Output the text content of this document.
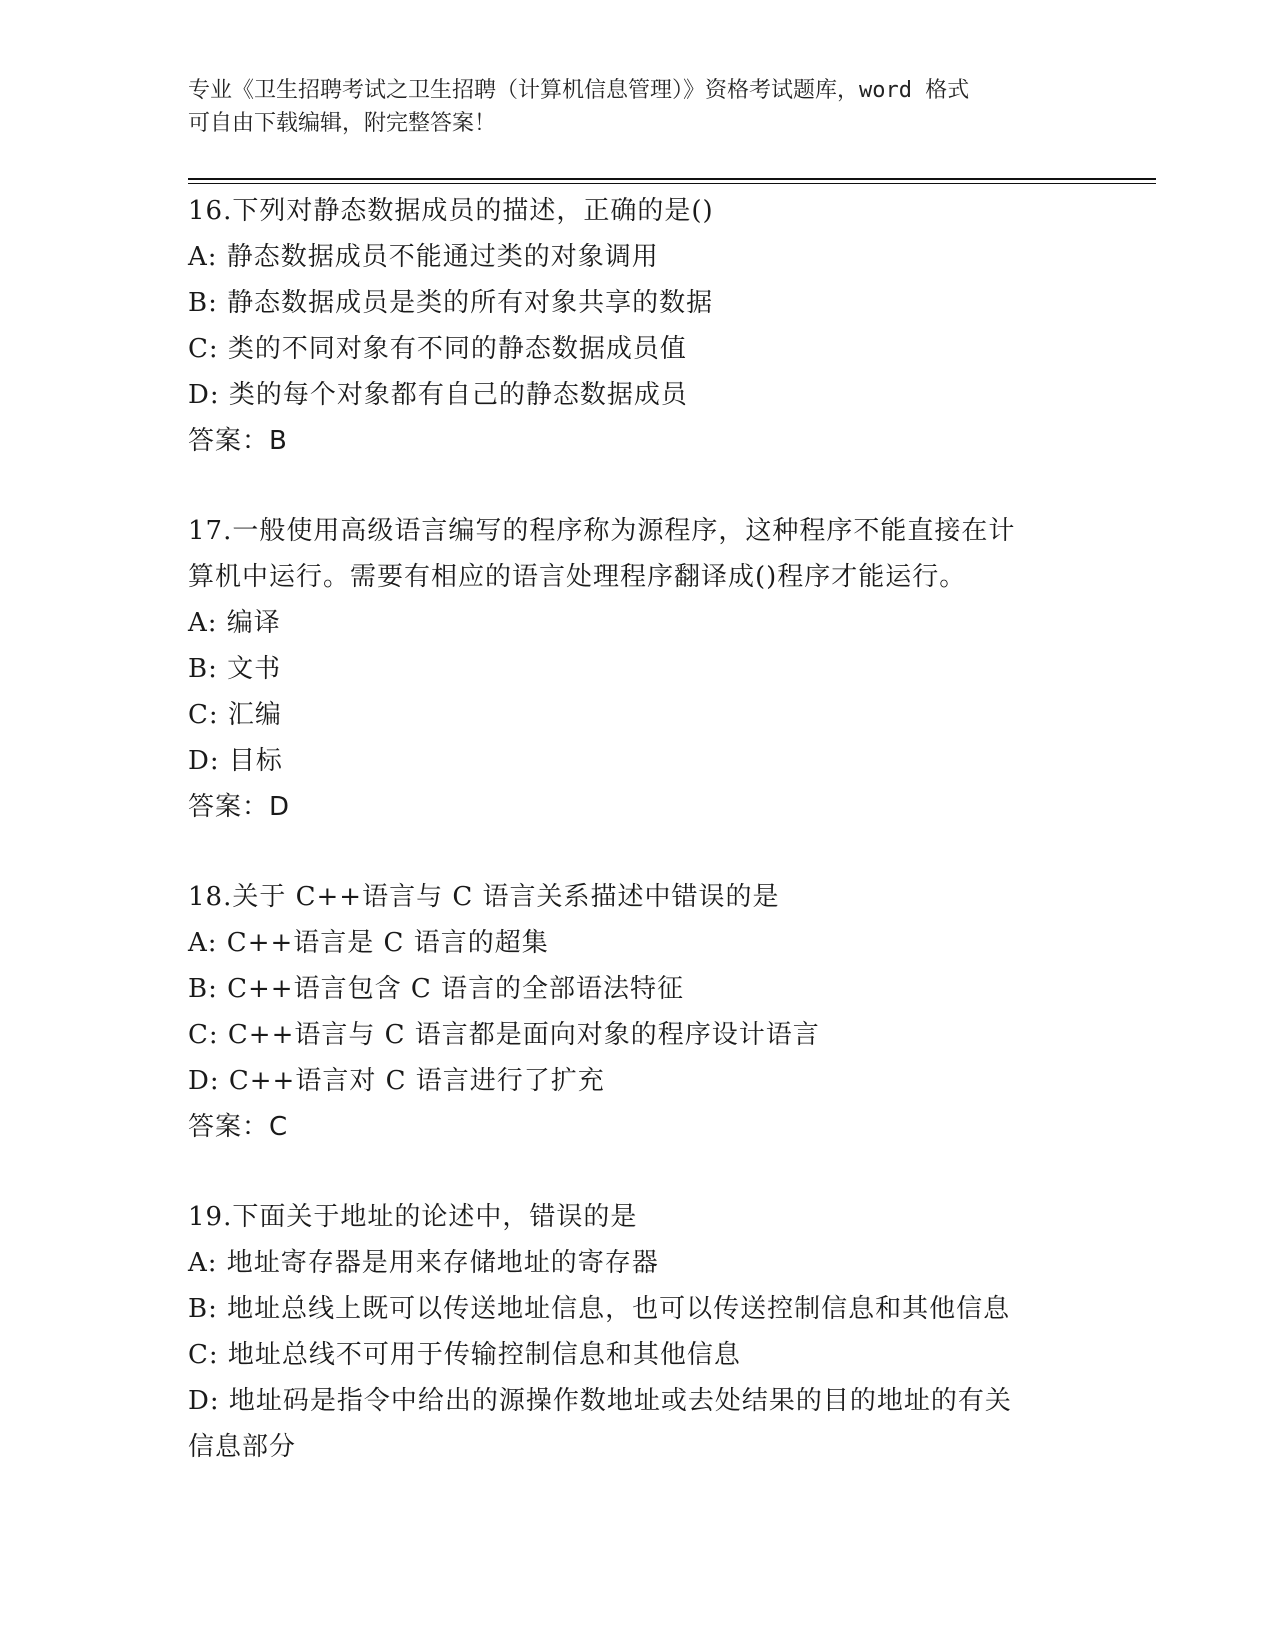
专业《卫生招聘考试之卫生招聘（计算机信息管理）》资格考试题库，word 格式
可自由下载编辑，附完整答案！
16.下列对静态数据成员的描述，正确的是()
A: 静态数据成员不能通过类的对象调用
B: 静态数据成员是类的所有对象共享的数据
C: 类的不同对象有不同的静态数据成员值
D: 类的每个对象都有自己的静态数据成员
答案：B
17.一般使用高级语言编写的程序称为源程序，这种程序不能直接在计
算机中运行。需要有相应的语言处理程序翻译成()程序才能运行。
A: 编译
B: 文书
C: 汇编
D: 目标
答案：D
18.关于 C++语言与 C 语言关系描述中错误的是
A: C++语言是 C 语言的超集
B: C++语言包含 C 语言的全部语法特征
C: C++语言与 C 语言都是面向对象的程序设计语言
D: C++语言对 C 语言进行了扩充
答案：C
19.下面关于地址的论述中，错误的是
A: 地址寄存器是用来存储地址的寄存器
B: 地址总线上既可以传送地址信息，也可以传送控制信息和其他信息
C: 地址总线不可用于传输控制信息和其他信息
D: 地址码是指令中给出的源操作数地址或去处结果的目的地址的有关
信息部分
